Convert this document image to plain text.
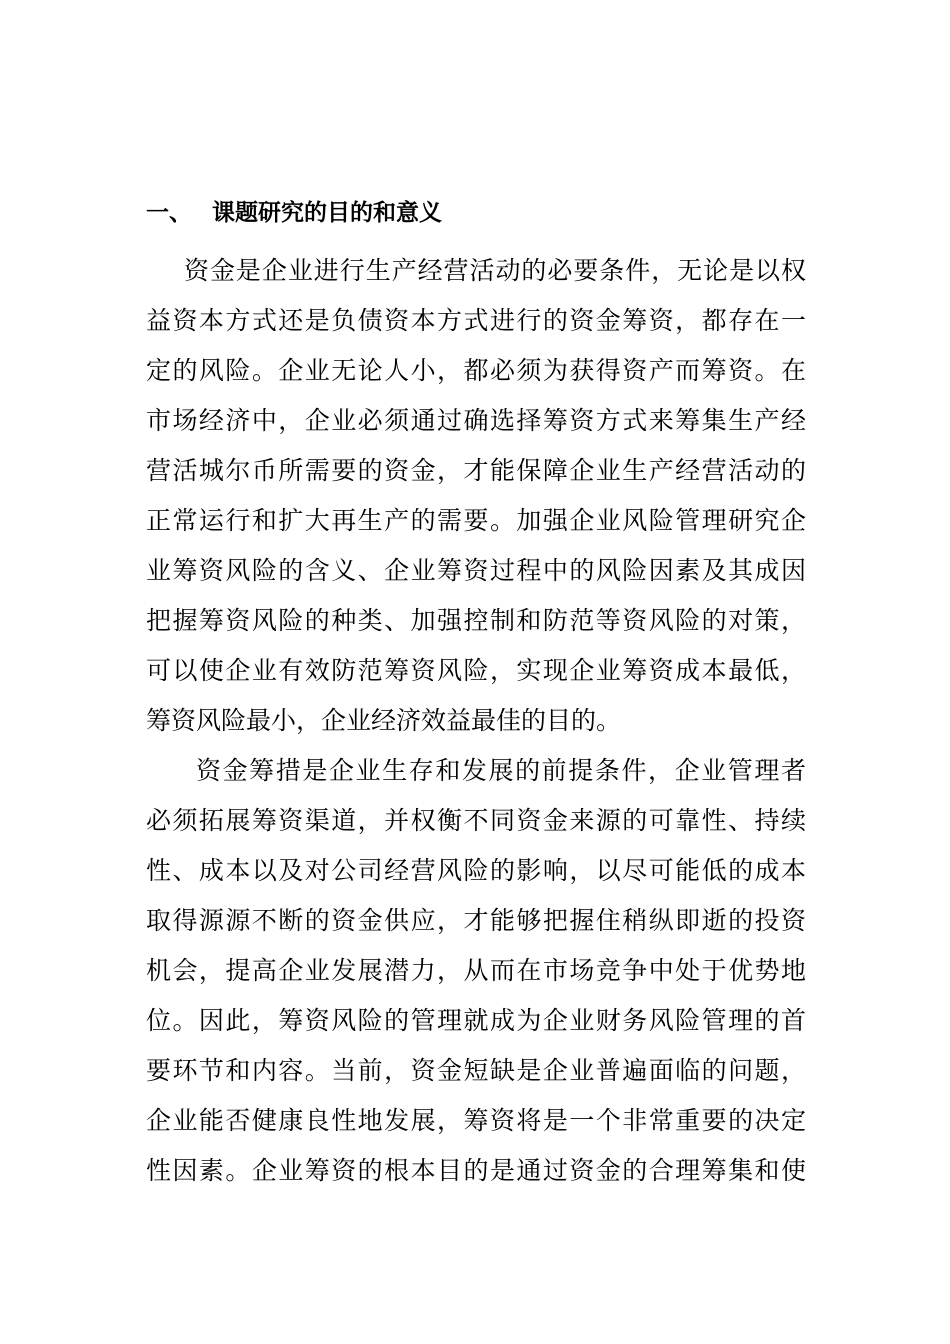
一、 课题研究的目的和意义
资金是企业进行生产经营活动的必要条件，无论是以权
益资本方式还是负债资本方式进行的资金筹资，都存在一
定的风险。企业无论人小，都必须为获得资产而筹资。在
市场经济中，企业必须通过确选择筹资方式来筹集生产经
营活城尔币所需要的资金，才能保障企业生产经营活动的
正常运行和扩大再生产的需要。加强企业风险管理研究企
业筹资风险的含义、企业筹资过程中的风险因素及其成因
把握筹资风险的种类、加强控制和防范等资风险的对策，
可以使企业有效防范筹资风险，实现企业筹资成本最低，
筹资风险最小，企业经济效益最佳的目的。
资金筹措是企业生存和发展的前提条件，企业管理者
必须拓展筹资渠道，并权衡不同资金来源的可靠性、持续
性、成本以及对公司经营风险的影响，以尽可能低的成本
取得源源不断的资金供应，才能够把握住稍纵即逝的投资
机会，提高企业发展潜力，从而在市场竞争中处于优势地
位。因此，筹资风险的管理就成为企业财务风险管理的首
要环节和内容。当前，资金短缺是企业普遍面临的问题，
企业能否健康良性地发展，筹资将是一个非常重要的决定
性因素。企业筹资的根本目的是通过资金的合理筹集和使
